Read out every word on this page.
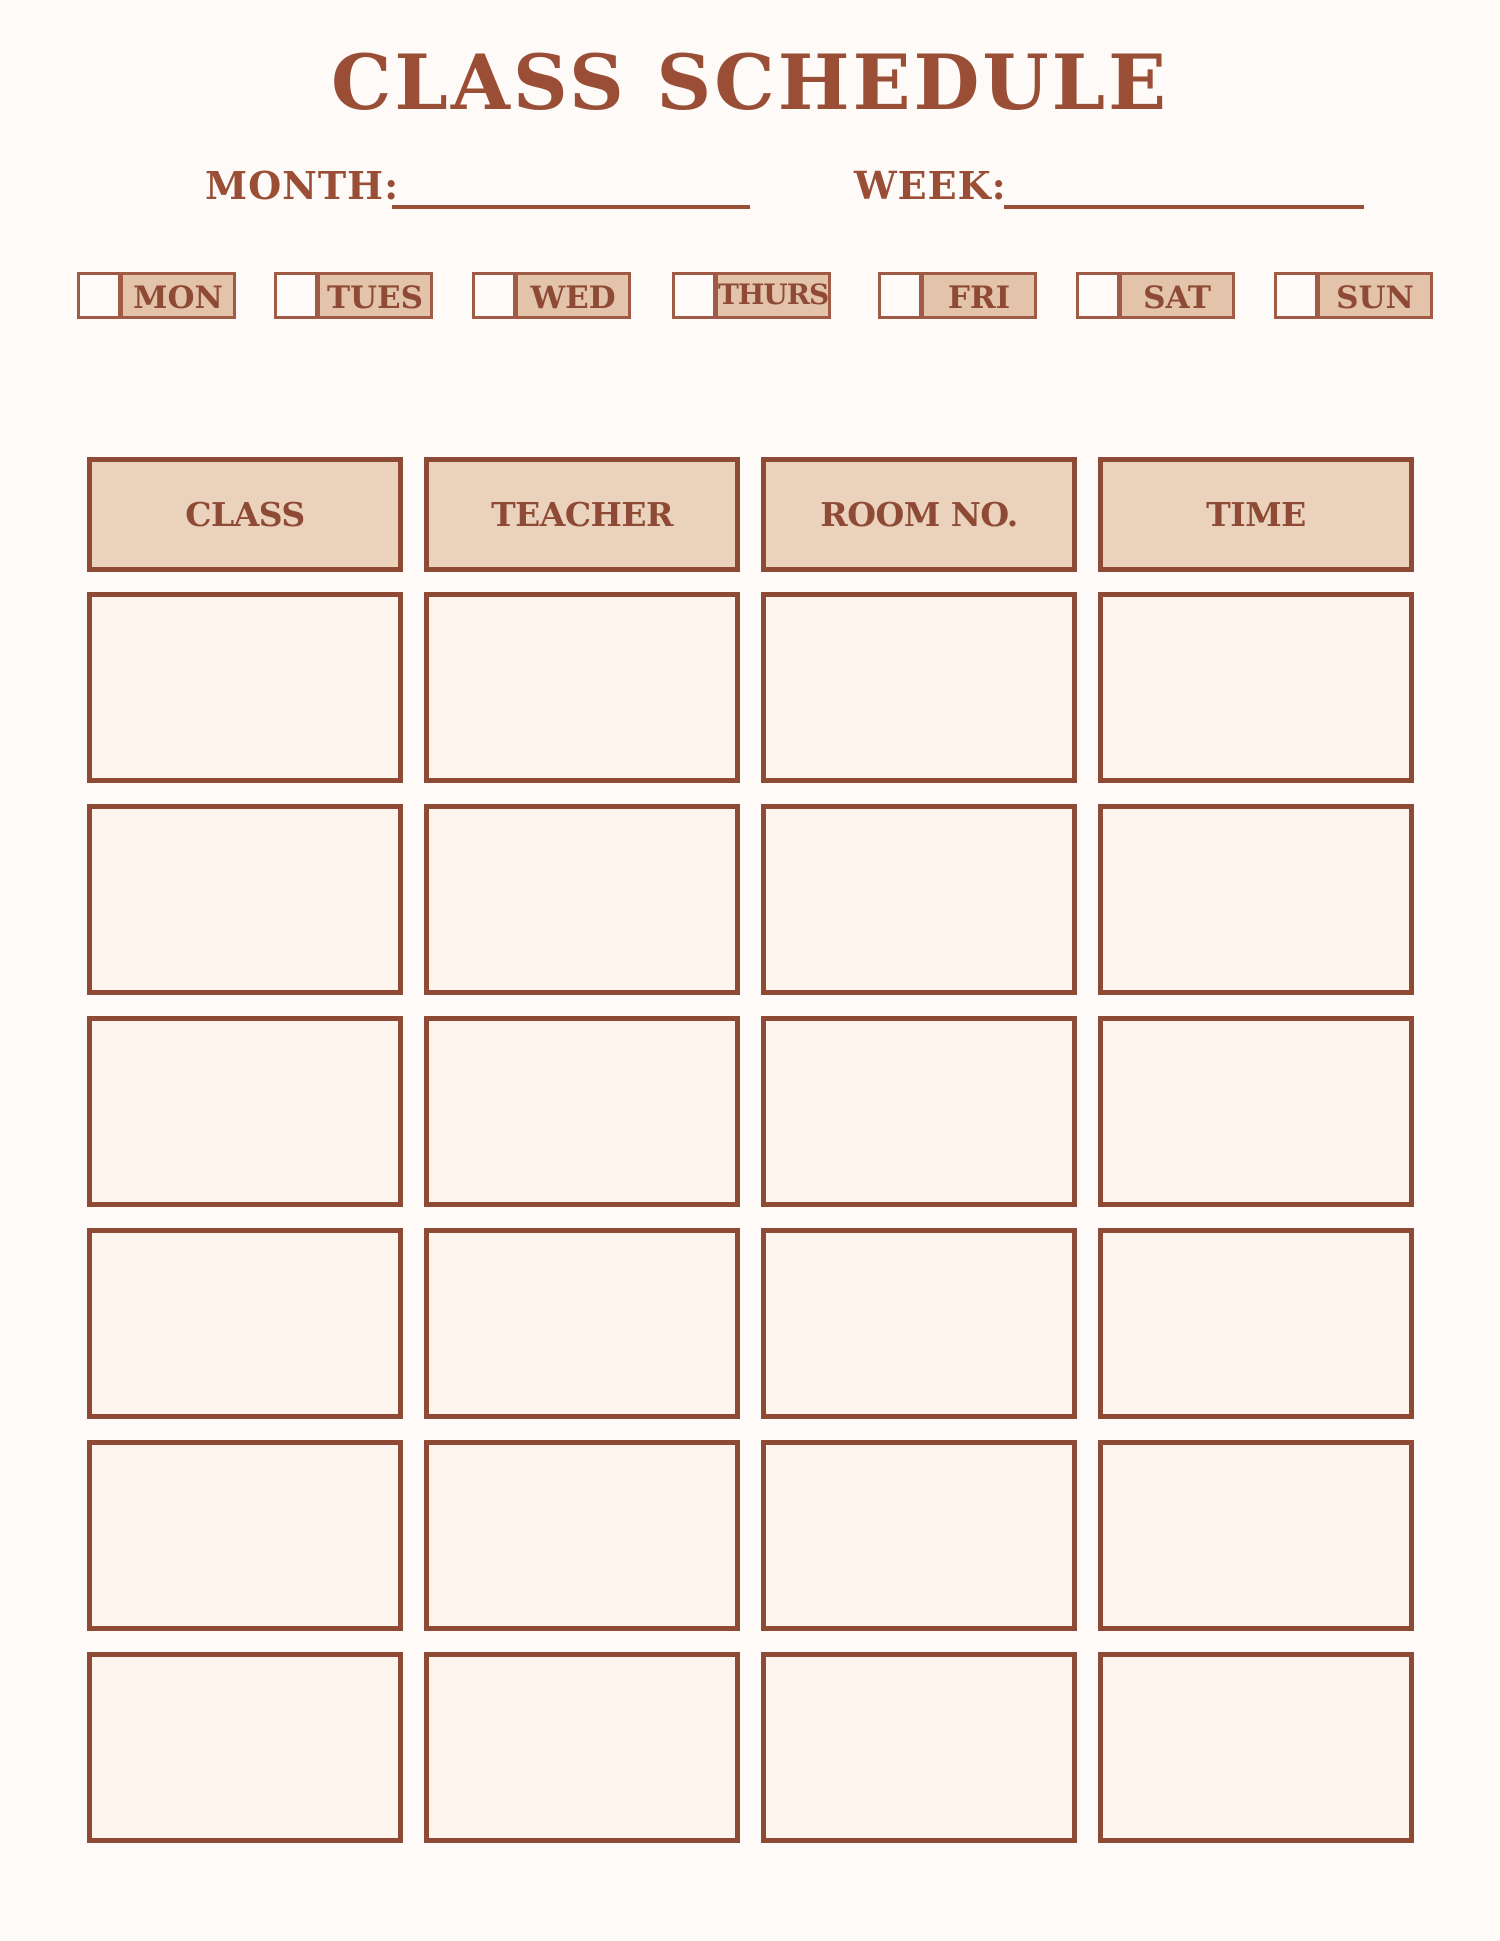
CLASS SCHEDULE
MONTH:	WEEK:
MON	TUES	WED	THURS	FRI	SAT	SUN
CLASS	TEACHER	ROOM NO.	TIME
